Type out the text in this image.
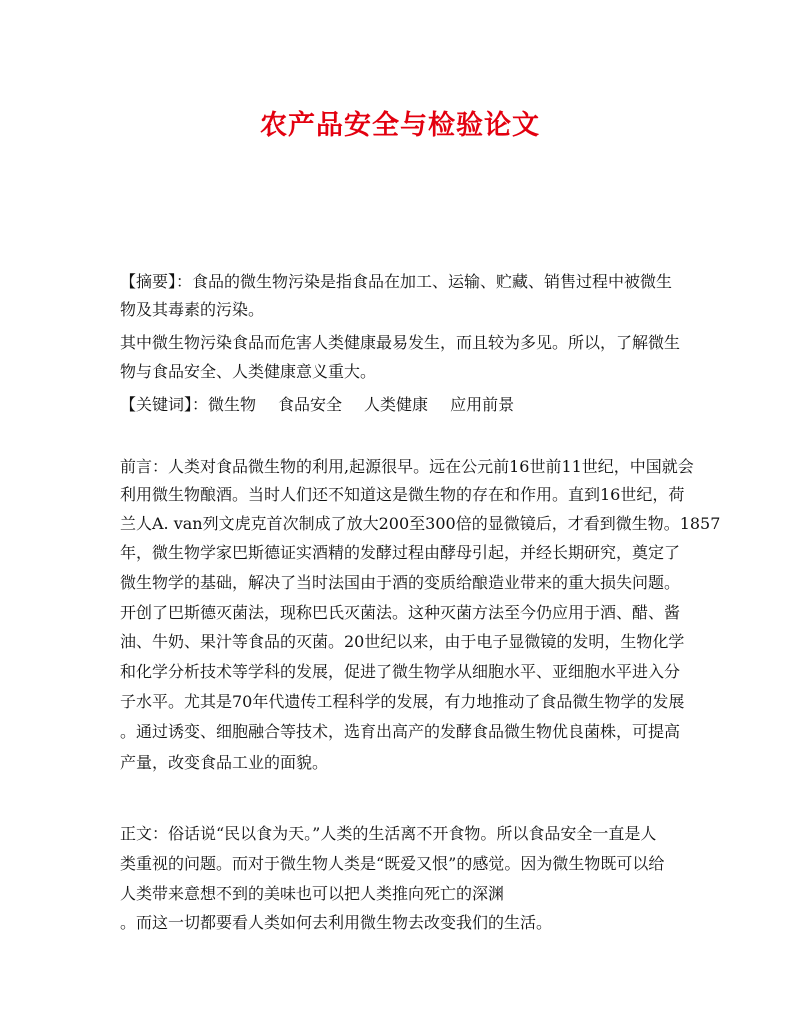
农产品安全与检验论文
【摘要】：食品的微生物污染是指食品在加工、运输、贮藏、销售过程中被微生
物及其毒素的污染。
其中微生物污染食品而危害人类健康最易发生，而且较为多见。所以，了解微生
物与食品安全、人类健康意义重大。
【关键词】：微生物 食品安全 人类健康 应用前景
前言：人类对食品微生物的利用,起源很早。远在公元前16世前11世纪，中国就会
利用微生物酿酒。当时人们还不知道这是微生物的存在和作用。直到16世纪，荷
兰人A. van列文虎克首次制成了放大200至300倍的显微镜后，才看到微生物。1857
年，微生物学家巴斯德证实酒精的发酵过程由酵母引起，并经长期研究，奠定了
微生物学的基础，解决了当时法国由于酒的变质给酿造业带来的重大损失问题。
开创了巴斯德灭菌法，现称巴氏灭菌法。这种灭菌方法至今仍应用于酒、醋、酱
油、牛奶、果汁等食品的灭菌。20世纪以来，由于电子显微镜的发明，生物化学
和化学分析技术等学科的发展，促进了微生物学从细胞水平、亚细胞水平进入分
子水平。尤其是70年代遗传工程科学的发展，有力地推动了食品微生物学的发展
。通过诱变、细胞融合等技术，选育出高产的发酵食品微生物优良菌株，可提高
产量，改变食品工业的面貌。
正文：俗话说“民以食为天。”人类的生活离不开食物。所以食品安全一直是人
类重视的问题。而对于微生物人类是“既爱又恨”的感觉。因为微生物既可以给
人类带来意想不到的美味也可以把人类推向死亡的深渊
。而这一切都要看人类如何去利用微生物去改变我们的生活。
